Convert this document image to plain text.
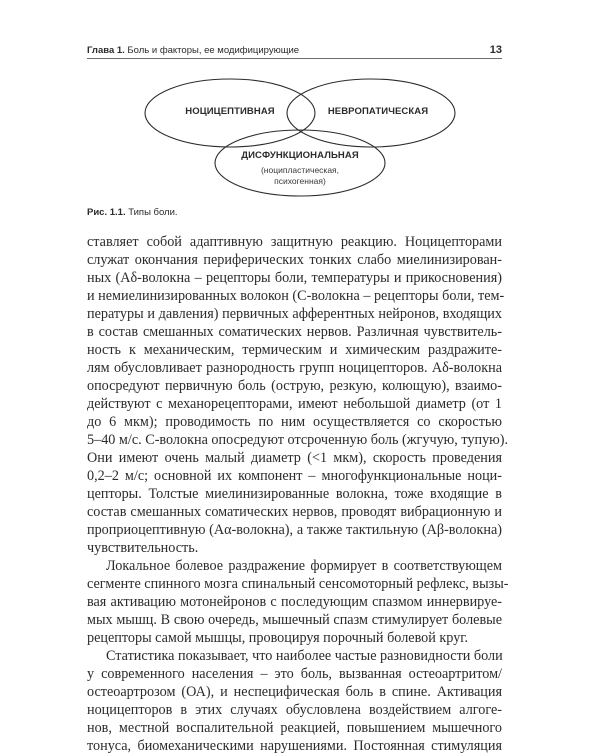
Глава 1. Боль и факторы, ее модифицирующие	13
НОЦИЦЕПТИВНАЯ	НЕВРОПАТИЧЕСКАЯ
ДИСФУНКЦИОНАЛЬНАЯ
(ноципластическая,
психогенная)
Рис. 1.1. Типы боли.
ставляет собой адаптивную защитную реакцию. Ноцицепторами
служат окончания периферических тонких слабо миелинизирован-
ных (Aδ-волокна – рецепторы боли, температуры и прикосновения)
и немиелинизированных волокон (С-волокна – рецепторы боли, тем-
пературы и давления) первичных афферентных нейронов, входящих
в состав смешанных соматических нервов. Различная чувствитель-
ность к механическим, термическим и химическим раздражите-
лям обусловливает разнородность групп ноцицепторов. Aδ-волокна
опосредуют первичную боль (острую, резкую, колющую), взаимо-
действуют с механорецепторами, имеют небольшой диаметр (от 1
до 6 мкм); проводимость по ним осуществляется со скоростью
5–40 м/с. С-волокна опосредуют отсроченную боль (жгучую, тупую).
Они имеют очень малый диаметр (<1 мкм), скорость проведения
0,2–2 м/с; основной их компонент – многофункциональные ноци-
цепторы. Толстые миелинизированные волокна, тоже входящие в
состав смешанных соматических нервов, проводят вибрационную и
проприоцептивную (Aα-волокна), а также тактильную (Aβ-волокна)
чувствительность.
Локальное болевое раздражение формирует в соответствующем
сегменте спинного мозга спинальный сенсомоторный рефлекс, вызы-
вая активацию мотонейронов с последующим спазмом иннервируе-
мых мышц. В свою очередь, мышечный спазм стимулирует болевые
рецепторы самой мышцы, провоцируя порочный болевой круг.
Статистика показывает, что наиболее частые разновидности боли
у современного населения – это боль, вызванная остеоартритом/
остеоартрозом (ОА), и неспецифическая боль в спине. Активация
ноцицепторов в этих случаях обусловлена воздействием алгоге-
нов, местной воспалительной реакцией, повышением мышечного
тонуса, биомеханическими нарушениями. Постоянная стимуляция
